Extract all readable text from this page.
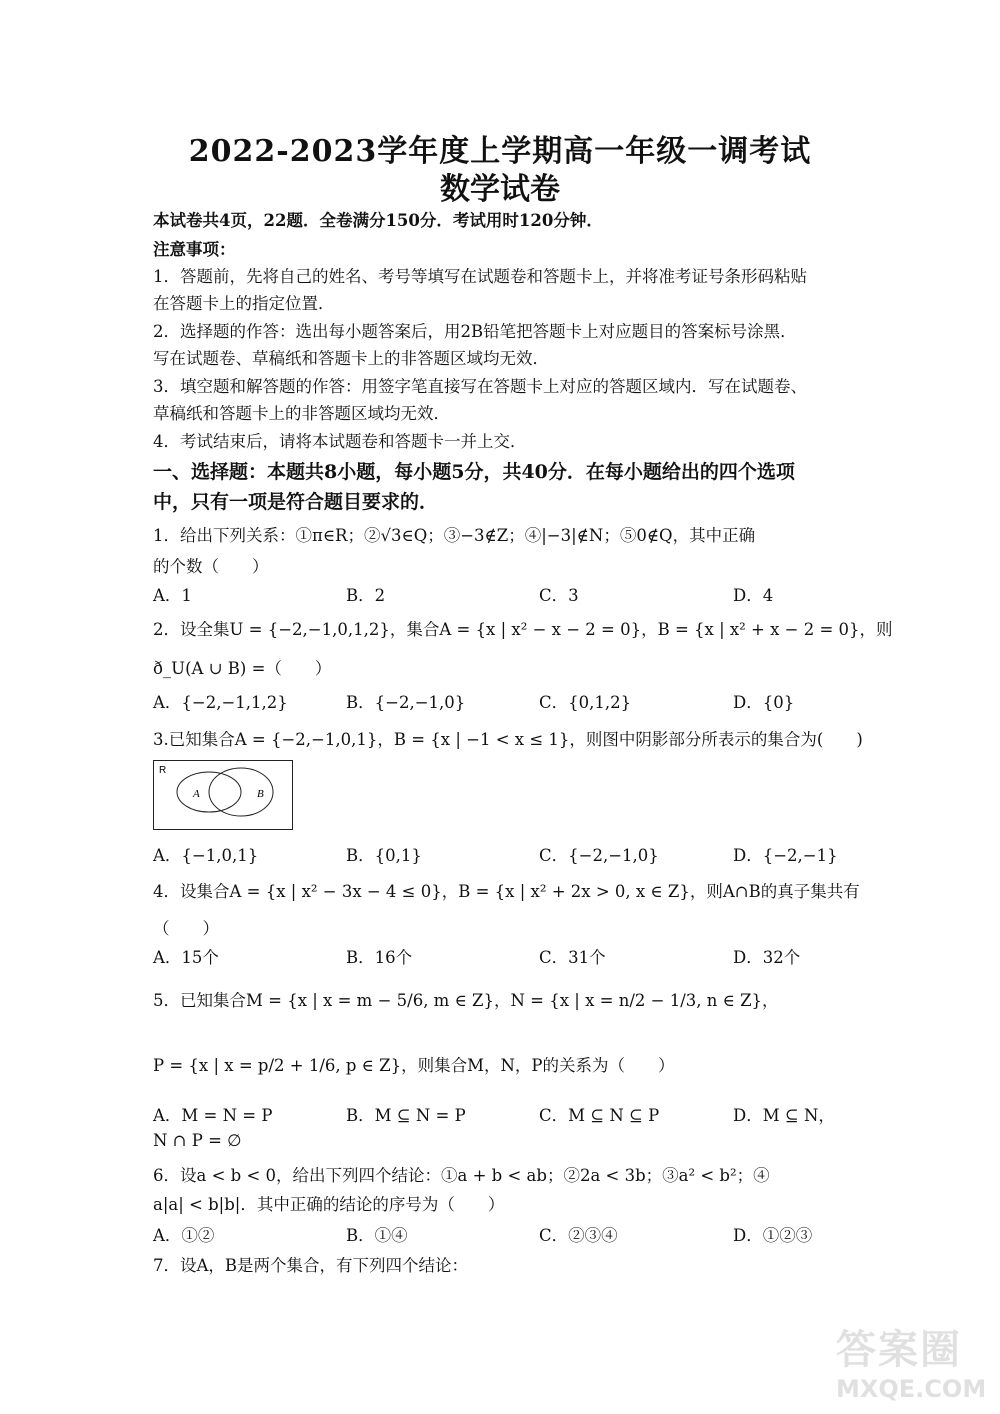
2022-2023学年度上学期高一年级一调考试
数学试卷
本试卷共4页，22题．全卷满分150分．考试用时120分钟．
注意事项：
1．答题前，先将自己的姓名、考号等填写在试题卷和答题卡上，并将准考证号条形码粘贴
在答题卡上的指定位置．
2．选择题的作答：选出每小题答案后，用2B铅笔把答题卡上对应题目的答案标号涂黑．
写在试题卷、草稿纸和答题卡上的非答题区域均无效．
3．填空题和解答题的作答：用签字笔直接写在答题卡上对应的答题区域内．写在试题卷、
草稿纸和答题卡上的非答题区域均无效．
4．考试结束后，请将本试题卷和答题卡一并上交．
一、选择题：本题共8小题，每小题5分，共40分．在每小题给出的四个选项
中，只有一项是符合题目要求的．
1．给出下列关系：①π∈R；②√3∈Q；③−3∉Z；④|−3|∉N；⑤0∉Q，其中正确
的个数（　　）
A．1	B．2	C．3	D．4
2．设全集U = {−2,−1,0,1,2}，集合A = {x | x² − x − 2 = 0}，B = {x | x² + x − 2 = 0}，则
ð_U(A ∪ B) =（　　）
A．{−2,−1,1,2}	B．{−2,−1,0}	C．{0,1,2}	D．{0}
3.已知集合A = {−2,−1,0,1}，B = {x | −1 < x ≤ 1}，则图中阴影部分所表示的集合为(　　)
R
A	B
A．{−1,0,1}	B．{0,1}	C．{−2,−1,0}	D．{−2,−1}
4．设集合A = {x | x² − 3x − 4 ≤ 0}，B = {x | x² + 2x > 0, x ∈ Z}，则A∩B的真子集共有
（　　）
A．15个	B．16个	C．31个	D．32个
5．已知集合M = {x | x = m − 5/6, m ∈ Z}，N = {x | x = n/2 − 1/3, n ∈ Z}，
P = {x | x = p/2 + 1/6, p ∈ Z}，则集合M，N，P的关系为（　　）
A．M = N = P	B．M ⊆ N = P	C．M ⊆ N ⊆ P	D．M ⊆ N，
N ∩ P = ∅
6．设a < b < 0，给出下列四个结论：①a + b < ab；②2a < 3b；③a² < b²；④
a|a| < b|b|．其中正确的结论的序号为（　　）
A．①②	B．①④	C．②③④	D．①②③
7．设A，B是两个集合，有下列四个结论：
答案圈
MXQE.COM
